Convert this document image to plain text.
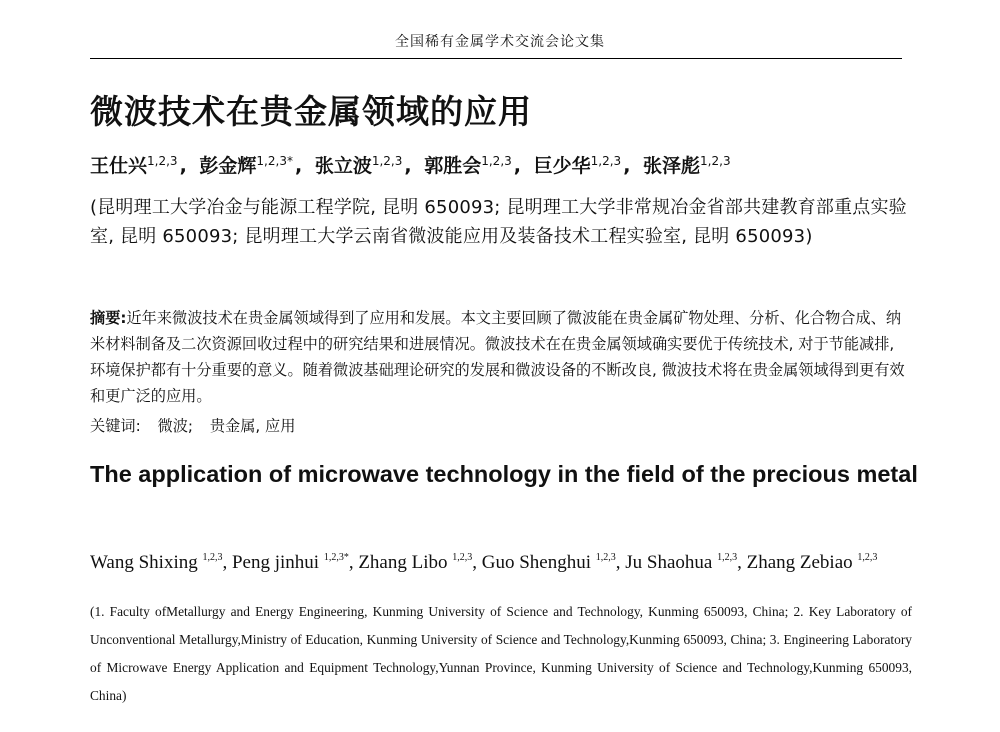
全国稀有金属学术交流会论文集
微波技术在贵金属领域的应用
王仕兴$^{1,2,3}$ , 彭金辉$^{1,2,3*}$ , 张立波$^{1,2,3}$ , 郭胜会$^{1,2,3}$ , 巨少华$^{1,2,3}$ , 张泽彪$^{1,2,3}$
(昆明理工大学冶金与能源工程学院, 昆明 650093; 昆明理工大学非常规冶金省部共建教育部重点实验室, 昆明 650093; 昆明理工大学云南省微波能应用及装备技术工程实验室, 昆明 650093)
摘要:近年来微波技术在贵金属领域得到了应用和发展。本文主要回顾了微波能在贵金属矿物处理、分析、化合物合成、纳米材料制备及二次资源回收过程中的研究结果和进展情况。微波技术在在贵金属领域确实要优于传统技术, 对于节能减排, 环境保护都有十分重要的意义。随着微波基础理论研究的发展和微波设备的不断改良, 微波技术将在贵金属领域得到更有效和更广泛的应用。
关键词: 微波; 贵金属, 应用
The application of microwave technology in the field of the precious metal
Wang Shixing $^{1,2,3}$, Peng jinhui $^{1,2,3*}$, Zhang Libo $^{1,2,3}$, Guo Shenghui $^{1,2,3}$, Ju Shaohua $^{1,2,3}$, Zhang Zebiao $^{1,2,3}$
(1. Faculty ofMetallurgy and Energy Engineering, Kunming University of Science and Technology, Kunming 650093, China; 2. Key Laboratory of Unconventional Metallurgy,Ministry of Education, Kunming University of Science and Technology,Kunming 650093, China; 3. Engineering Laboratory of Microwave Energy Application and Equipment Technology,Yunnan Province, Kunming University of Science and Technology,Kunming 650093, China)
